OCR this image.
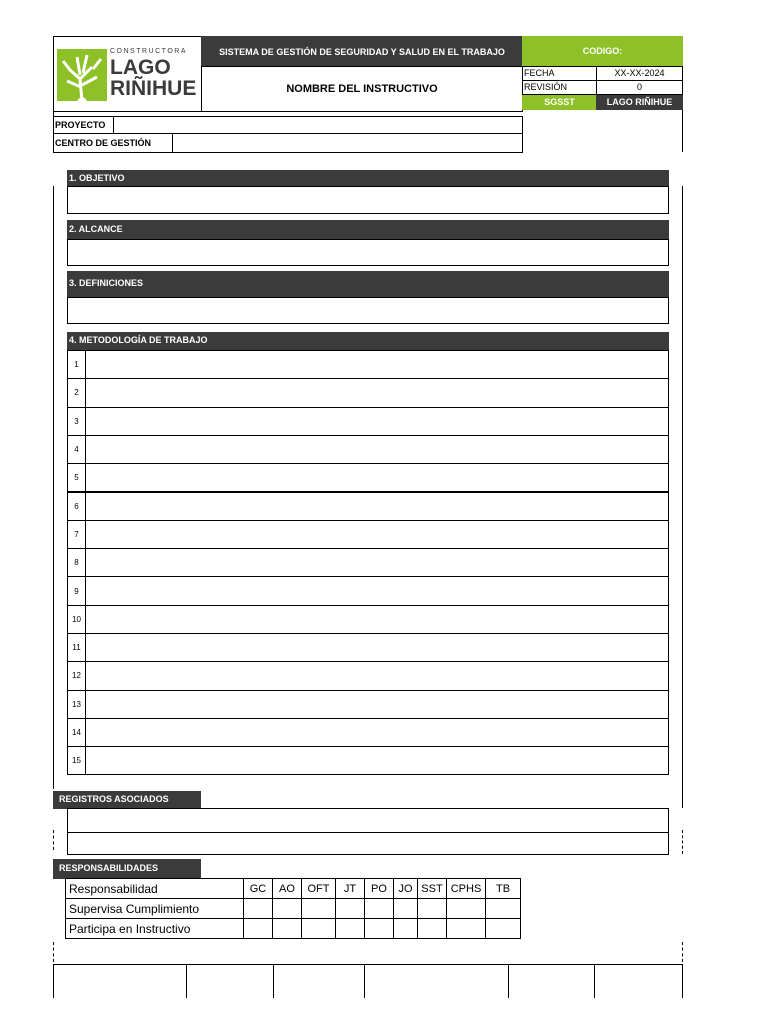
CONSTRUCTORA
LAGO
RIÑIHUE
SISTEMA DE GESTIÓN DE SEGURIDAD Y SALUD EN EL TRABAJO
NOMBRE DEL INSTRUCTIVO
CODIGO:
FECHA	XX-XX-2024
REVISIÓN	0
SGSST	LAGO RIÑIHUE
PROYECTO
CENTRO DE GESTIÓN
1. OBJETIVO
2. ALCANCE
3. DEFINICIONES
4. METODOLOGÍA DE TRABAJO
1
2
3
4
5
6
7
8
9
10
11
12
13
14
15
REGISTROS ASOCIADOS
RESPONSABILIDADES
Responsabilidad	GC	AO	OFT	JT	PO	JO	SST	CPHS	TB
Supervisa Cumplimiento									
Participa en Instructivo									
